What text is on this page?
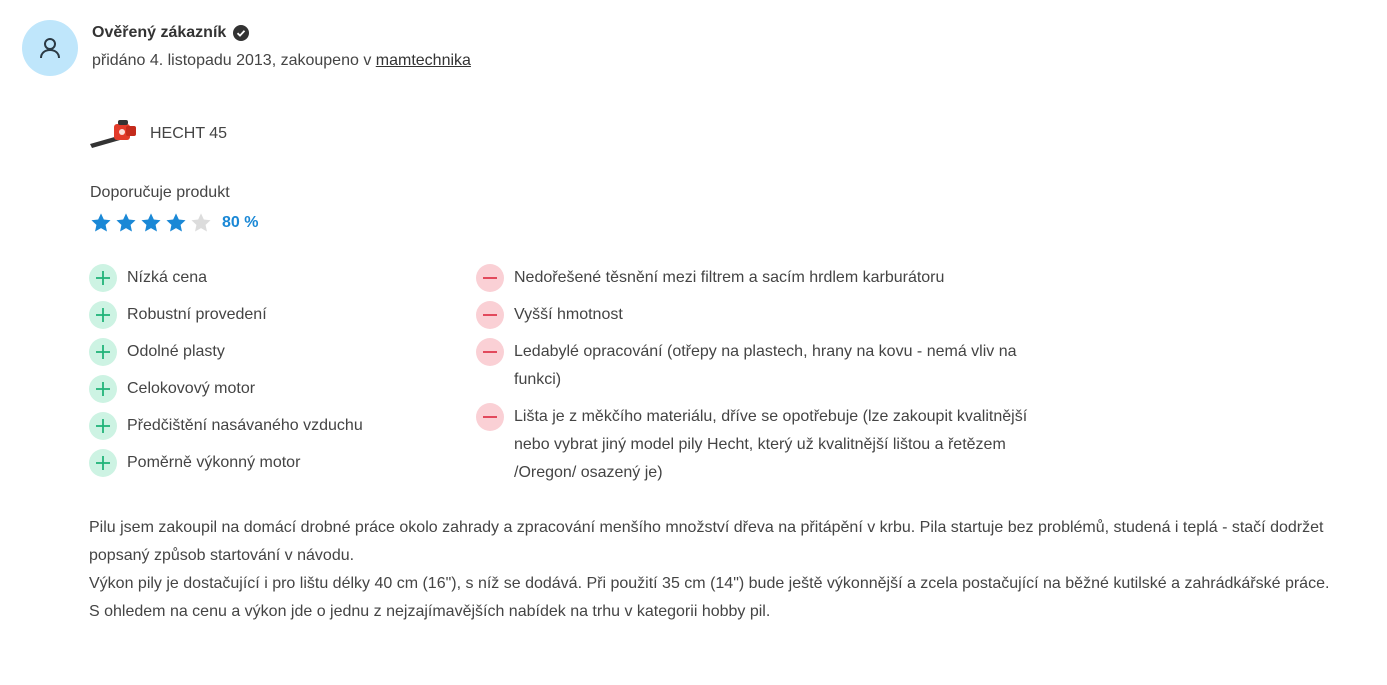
Ověřený zákazník
přidáno 4. listopadu 2013, zakoupeno v mamtechnika
HECHT 45
Doporučuje produkt
80 %
Nízká cena
Robustní provedení
Odolné plasty
Celokovový motor
Předčištění nasávaného vzduchu
Poměrně výkonný motor
Nedořešené těsnění mezi filtrem a sacím hrdlem karburátoru
Vyšší hmotnost
Ledabylé opracování (otřepy na plastech, hrany na kovu - nemá vliv na funkci)
Lišta je z měkčího materiálu, dříve se opotřebuje (lze zakoupit kvalitnější nebo vybrat jiný model pily Hecht, který už kvalitnější lištou a řetězem /Oregon/ osazený je)

Pilu jsem zakoupil na domácí drobné práce okolo zahrady a zpracování menšího množství dřeva na přitápění v krbu. Pila startuje bez problémů, studená i teplá - stačí dodržet popsaný způsob startování v návodu.

Výkon pily je dostačující i pro lištu délky 40 cm (16"), s níž se dodává. Při použití 35 cm (14") bude ještě výkonnější a zcela postačující na běžné kutilské a zahrádkářské práce.

S ohledem na cenu a výkon jde o jednu z nejzajímavějších nabídek na trhu v kategorii hobby pil.
